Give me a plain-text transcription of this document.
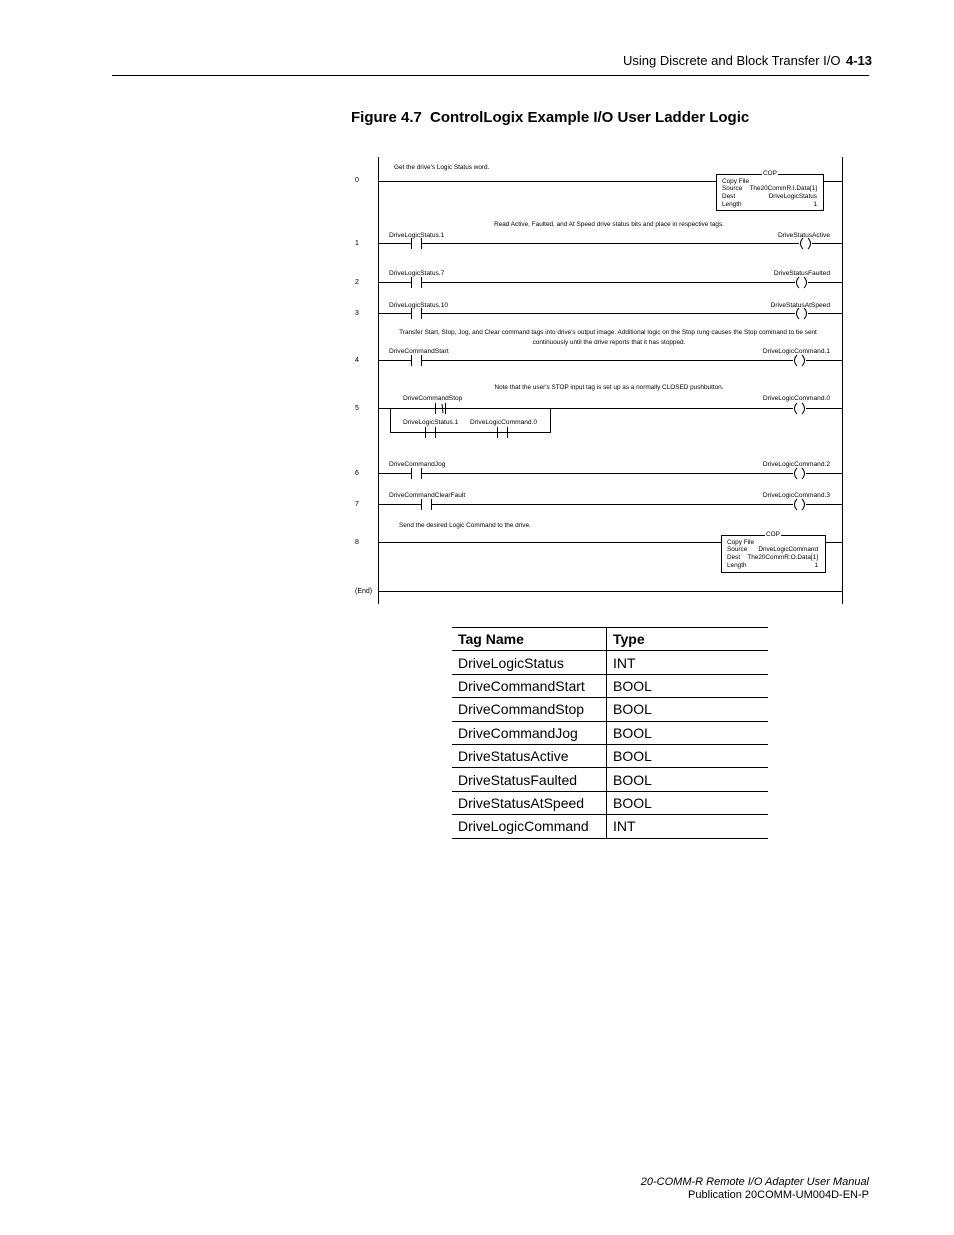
Using Discrete and Block Transfer I/O 4-13
Figure 4.7 ControlLogix Example I/O User Ladder Logic
0
1
2
3
4
5
6
7
8
(End)
Get the drive's Logic Status word.
Read Active, Faulted, and At Speed drive status bits and place in respective tags.
Transfer Start, Stop, Jog, and Clear command tags into drive's output image. Additional logic on the Stop rung causes the Stop command to be sent
continuously until the drive reports that it has stopped.
Note that the user's STOP input tag is set up as a normally CLOSED pushbutton.
Send the desired Logic Command to the drive.
DriveLogicStatus.1
DriveLogicStatus.7
DriveLogicStatus.10
DriveCommandStart
DriveCommandStop
DriveLogicStatus.1 DriveLogicCommand.0
DriveCommandJog
DriveCommandClearFault
DriveStatusActive
DriveStatusFaulted
DriveStatusAtSpeed
DriveLogicCommand.1
DriveLogicCommand.0
DriveLogicCommand.2
DriveLogicCommand.3
COP
Copy File
Source The20CommR:I.Data[1]
Dest	DriveLogicStatus
Length	1
COP
Copy File
Source DriveLogicCommand
Dest The20CommR:O.Data[1]
Length	1
Tag Name	Type
DriveLogicStatus	INT
DriveCommandStart	BOOL
DriveCommandStop	BOOL
DriveCommandJog	BOOL
DriveStatusActive	BOOL
DriveStatusFaulted	BOOL
DriveStatusAtSpeed	BOOL
DriveLogicCommand	INT
20-COMM-R Remote I/O Adapter User Manual
Publication 20COMM-UM004D-EN-P
